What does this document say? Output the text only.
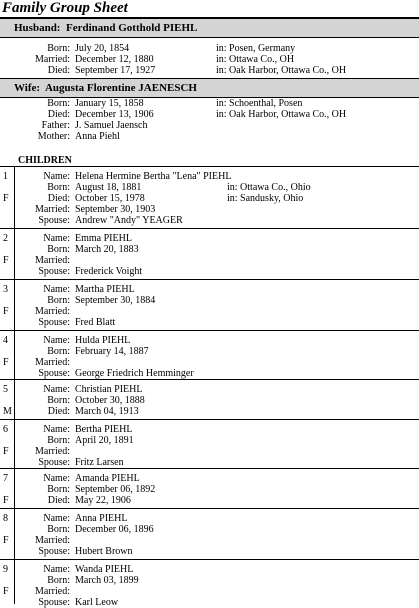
Family Group Sheet
Husband: Ferdinand Gotthold PIEHL
Born: July 20, 1854	in: Posen, Germany
Married: December 12, 1880	in: Ottawa Co., OH
Died: September 17, 1927	in: Oak Harbor, Ottawa Co., OH
Wife: Augusta Florentine JAENESCH
Born: January 15, 1858	in: Schoenthal, Posen
Died: December 13, 1906	in: Oak Harbor, Ottawa Co., OH
Father: J. Samuel Jaensch
Mother: Anna Piehl
CHILDREN
1
F
Name: Helena Hermine Bertha "Lena" PIEHL
Born: August 18, 1881	in: Ottawa Co., Ohio
Died: October 15, 1978	in: Sandusky, Ohio
Married: September 30, 1903
Spouse: Andrew "Andy" YEAGER
2
F
Name: Emma PIEHL
Born: March 20, 1883
Married:
Spouse: Frederick Voight
3
F
Name: Martha PIEHL
Born: September 30, 1884
Married:
Spouse: Fred Blatt
4
F
Name: Hulda PIEHL
Born: February 14, 1887
Married:
Spouse: George Friedrich Hemminger
5
M
Name: Christian PIEHL
Born: October 30, 1888
Died: March 04, 1913
6
F
Name: Bertha PIEHL
Born: April 20, 1891
Married:
Spouse: Fritz Larsen
7
F
Name: Amanda PIEHL
Born: September 06, 1892
Died: May 22, 1906
8
F
Name: Anna PIEHL
Born: December 06, 1896
Married:
Spouse: Hubert Brown
9
F
Name: Wanda PIEHL
Born: March 03, 1899
Married:
Spouse: Karl Leow
